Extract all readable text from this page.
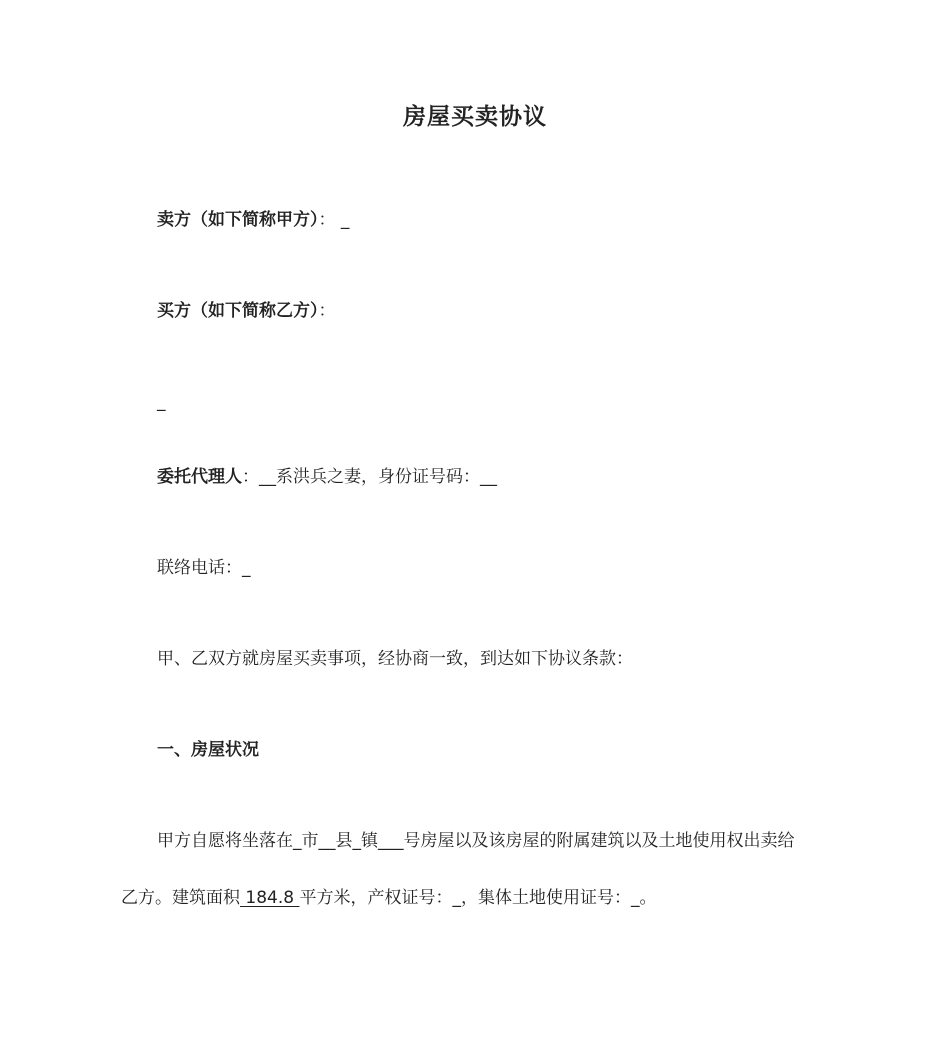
房屋买卖协议
卖方（如下简称甲方）： _
买方（如下简称乙方）：
_
委托代理人：__系洪兵之妻，身份证号码：__
联络电话：_
甲、乙双方就房屋买卖事项，经协商一致，到达如下协议条款：
一、房屋状况
甲方自愿将坐落在_市__县_镇___号房屋以及该房屋的附属建筑以及土地使用权出卖给
乙方。建筑面积 184.8 平方米，产权证号：_，集体土地使用证号：_。
